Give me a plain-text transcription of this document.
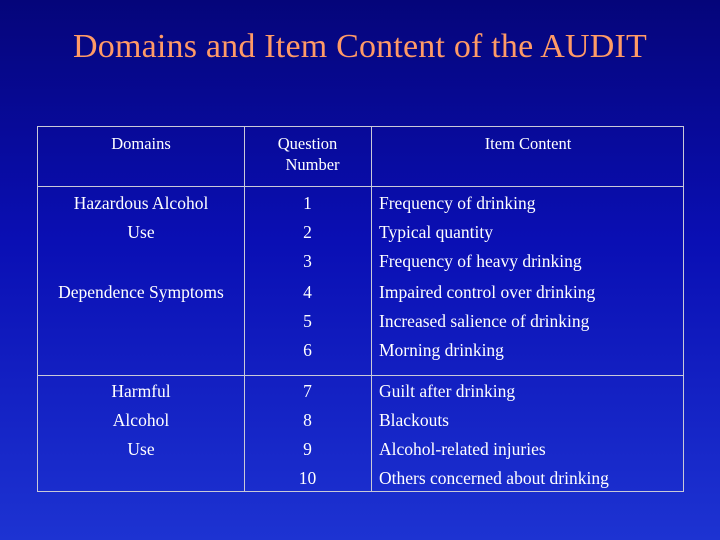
Domains and Item Content of the AUDIT
Domains	Question
Number
Item Content
Hazardous Alcohol
Use
1
2
3
Frequency of drinking
Typical quantity
Frequency of heavy drinking
Dependence Symptoms	4
5
6
Impaired control over drinking
Increased salience of drinking
Morning drinking
Harmful
Alcohol
Use
7
8
9
10
Guilt after drinking
Blackouts
Alcohol-related injuries
Others concerned about drinking
